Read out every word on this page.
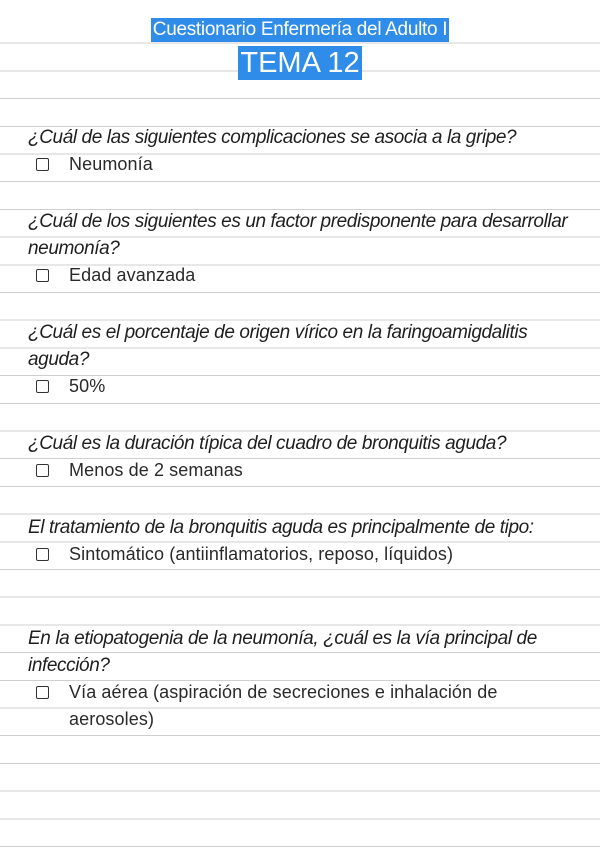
Cuestionario Enfermería del Adulto I
TEMA 12
¿Cuál de las siguientes complicaciones se asocia a la gripe?
Neumonía
¿Cuál de los siguientes es un factor predisponente para desarrollar neumonía?
Edad avanzada
¿Cuál es el porcentaje de origen vírico en la faringoamigdalitis aguda?
50%
¿Cuál es la duración típica del cuadro de bronquitis aguda?
Menos de 2 semanas
El tratamiento de la bronquitis aguda es principalmente de tipo:
Sintomático (antiinflamatorios, reposo, líquidos)
En la etiopatogenia de la neumonía, ¿cuál es la vía principal de infección?
Vía aérea (aspiración de secreciones e inhalación de aerosoles)
